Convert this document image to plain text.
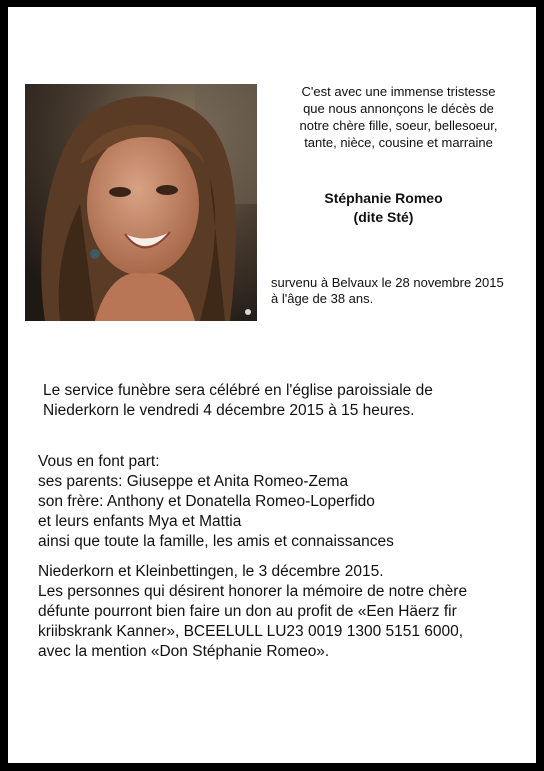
C'est avec une immense tristesse
que nous annonçons le décès de
notre chère fille, soeur, bellesoeur,
tante, nièce, cousine et marraine
Stéphanie Romeo
(dite Sté)
survenu à Belvaux le 28 novembre 2015
à l'âge de 38 ans.
Le service funèbre sera célébré en l'église paroissiale de
Niederkorn le vendredi 4 décembre 2015 à 15 heures.
Vous en font part:
ses parents: Giuseppe et Anita Romeo-Zema
son frère: Anthony et Donatella Romeo-Loperfido
et leurs enfants Mya et Mattia
ainsi que toute la famille, les amis et connaissances
Niederkorn et Kleinbettingen, le 3 décembre 2015.
Les personnes qui désirent honorer la mémoire de notre chère
défunte pourront bien faire un don au profit de «Een Häerz fir
kriibskrank Kanner», BCEELULL LU23 0019 1300 5151 6000,
avec la mention «Don Stéphanie Romeo».
